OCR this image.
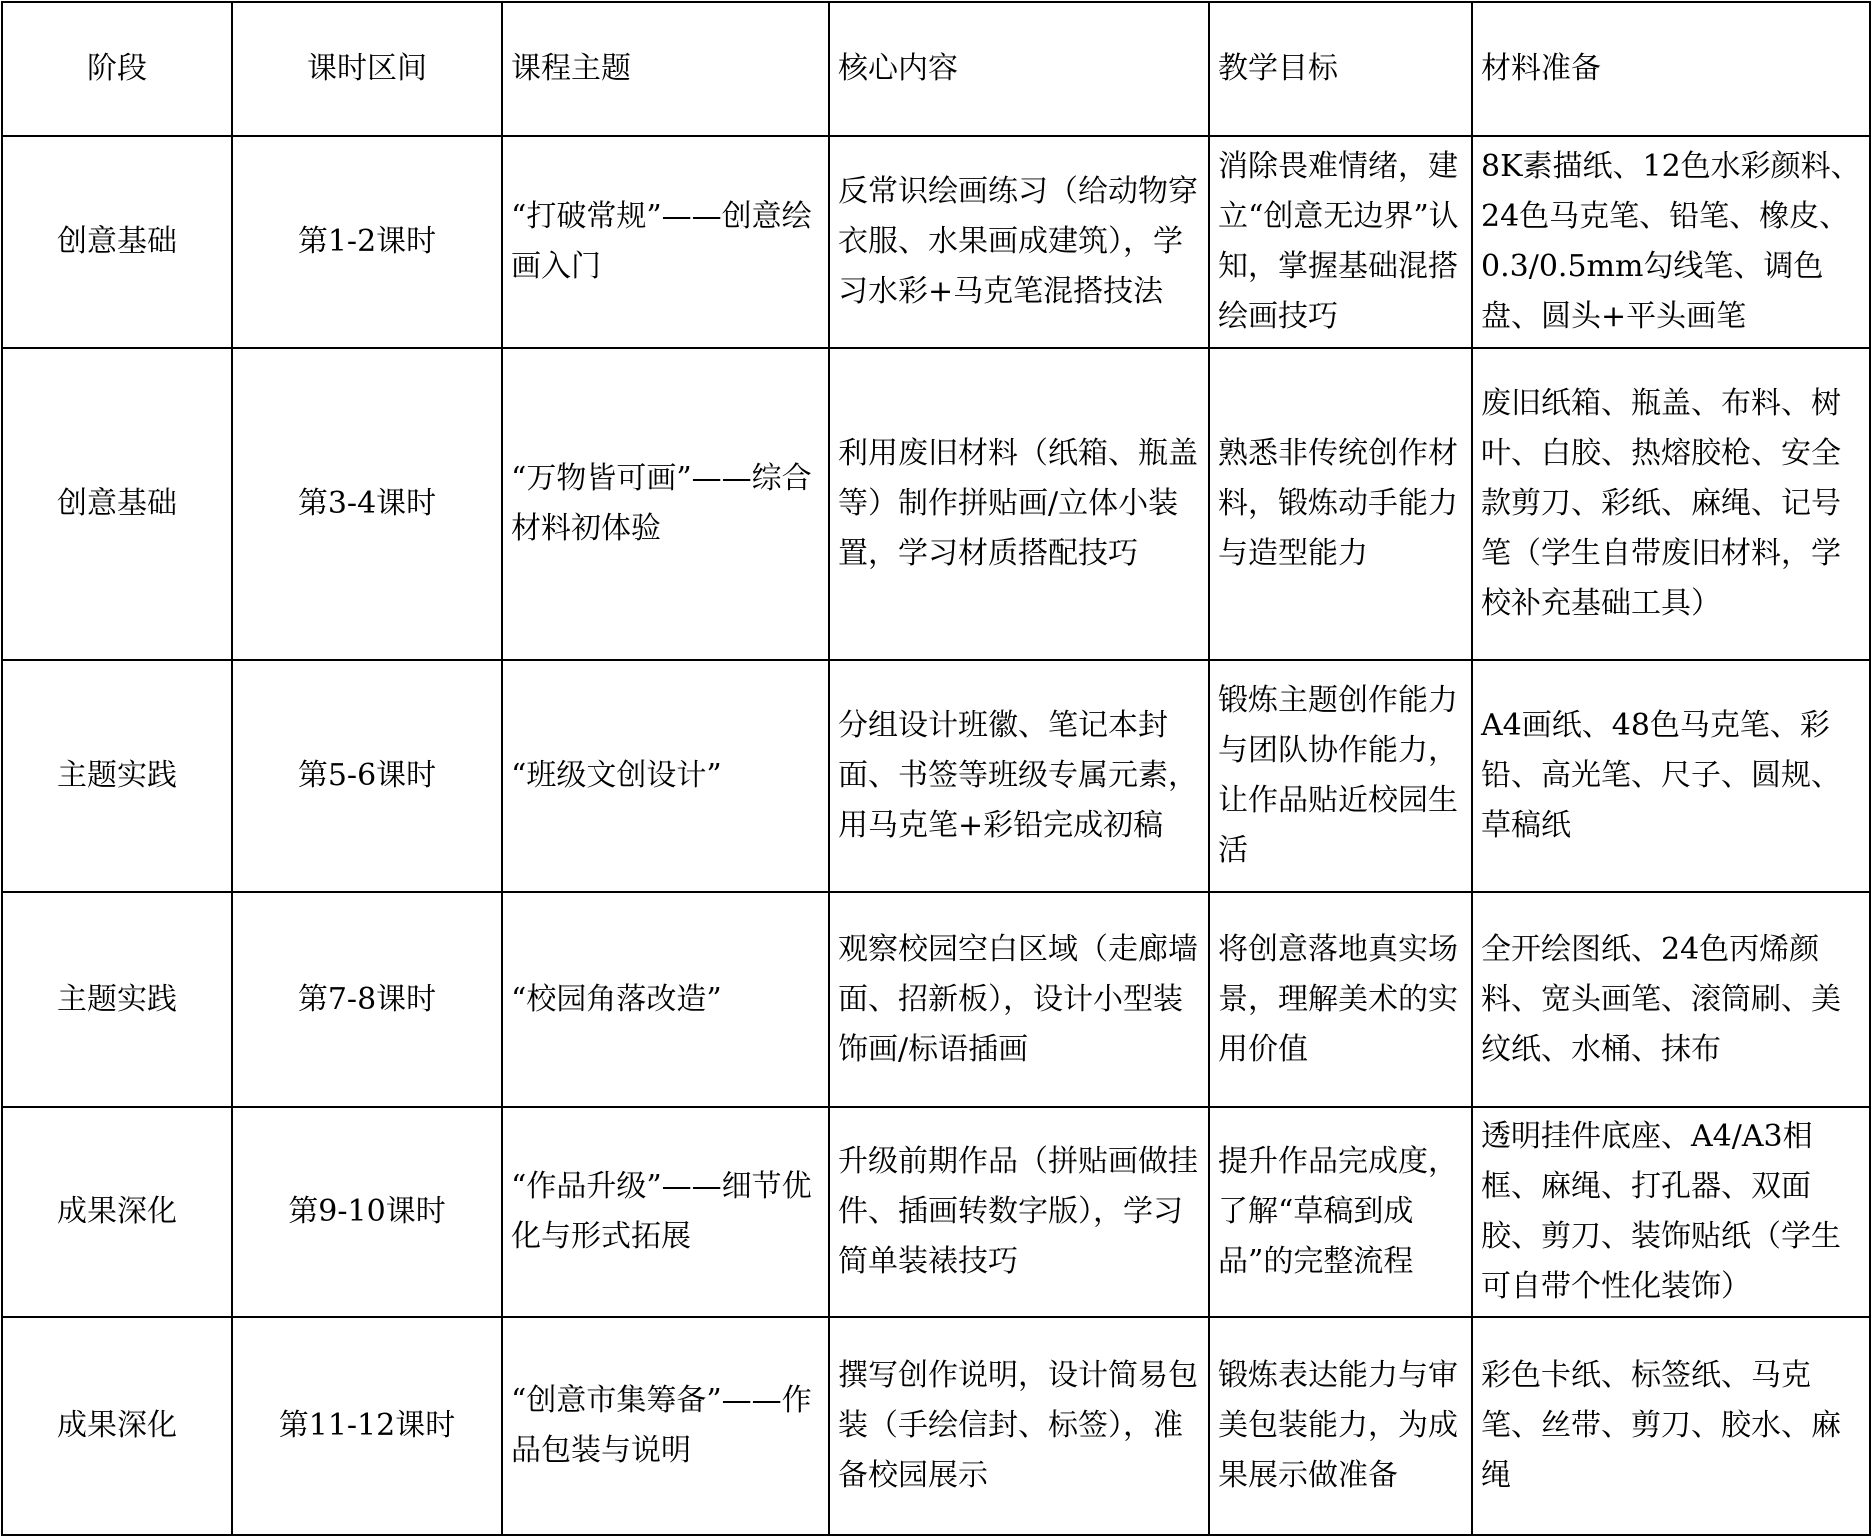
阶段	课时区间	课程主题	核心内容	教学目标	材料准备
创意基础	第1-2课时	“打破常规”——创意绘画入门	反常识绘画练习（给动物穿衣服、水果画成建筑），学习水彩+马克笔混搭技法	消除畏难情绪，建立“创意无边界”认知，掌握基础混搭绘画技巧	8K素描纸、12色水彩颜料、24色马克笔、铅笔、橡皮、0.3/0.5mm勾线笔、调色盘、圆头+平头画笔
创意基础	第3-4课时	“万物皆可画”——综合材料初体验	利用废旧材料（纸箱、瓶盖等）制作拼贴画/立体小装置，学习材质搭配技巧	熟悉非传统创作材料，锻炼动手能力与造型能力	废旧纸箱、瓶盖、布料、树叶、白胶、热熔胶枪、安全款剪刀、彩纸、麻绳、记号笔（学生自带废旧材料，学校补充基础工具）
主题实践	第5-6课时	“班级文创设计”	分组设计班徽、笔记本封面、书签等班级专属元素，用马克笔+彩铅完成初稿	锻炼主题创作能力与团队协作能力，让作品贴近校园生活	A4画纸、48色马克笔、彩铅、高光笔、尺子、圆规、草稿纸
主题实践	第7-8课时	“校园角落改造”	观察校园空白区域（走廊墙面、招新板），设计小型装饰画/标语插画	将创意落地真实场景，理解美术的实用价值	全开绘图纸、24色丙烯颜料、宽头画笔、滚筒刷、美纹纸、水桶、抹布
成果深化	第9-10课时	“作品升级”——细节优化与形式拓展	升级前期作品（拼贴画做挂件、插画转数字版），学习简单装裱技巧	提升作品完成度，了解“草稿到成品”的完整流程	透明挂件底座、A4/A3相框、麻绳、打孔器、双面胶、剪刀、装饰贴纸（学生可自带个性化装饰）
成果深化	第11-12课时	“创意市集筹备”——作品包装与说明	撰写创作说明，设计简易包装（手绘信封、标签），准备校园展示	锻炼表达能力与审美包装能力，为成果展示做准备	彩色卡纸、标签纸、马克笔、丝带、剪刀、胶水、麻绳
